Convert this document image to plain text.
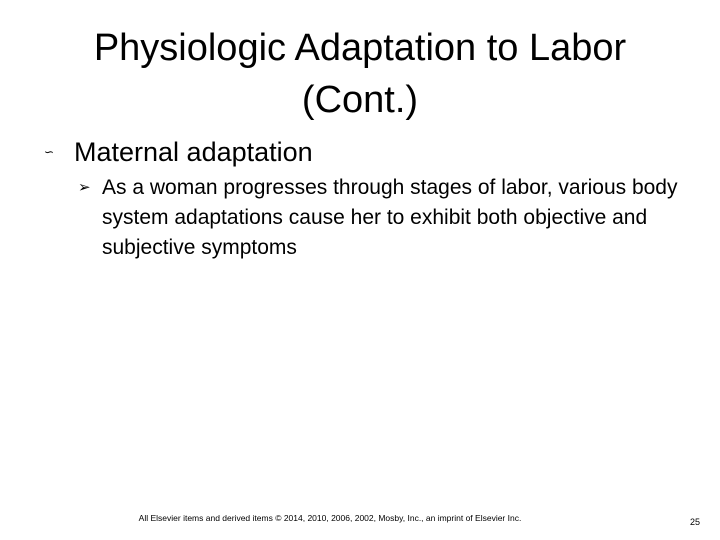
Physiologic Adaptation to Labor (Cont.)
∽ Maternal adaptation
➢ As a woman progresses through stages of labor, various body system adaptations cause her to exhibit both objective and subjective symptoms
All Elsevier items and derived items © 2014, 2010, 2006, 2002, Mosby, Inc., an imprint of Elsevier Inc.	25
